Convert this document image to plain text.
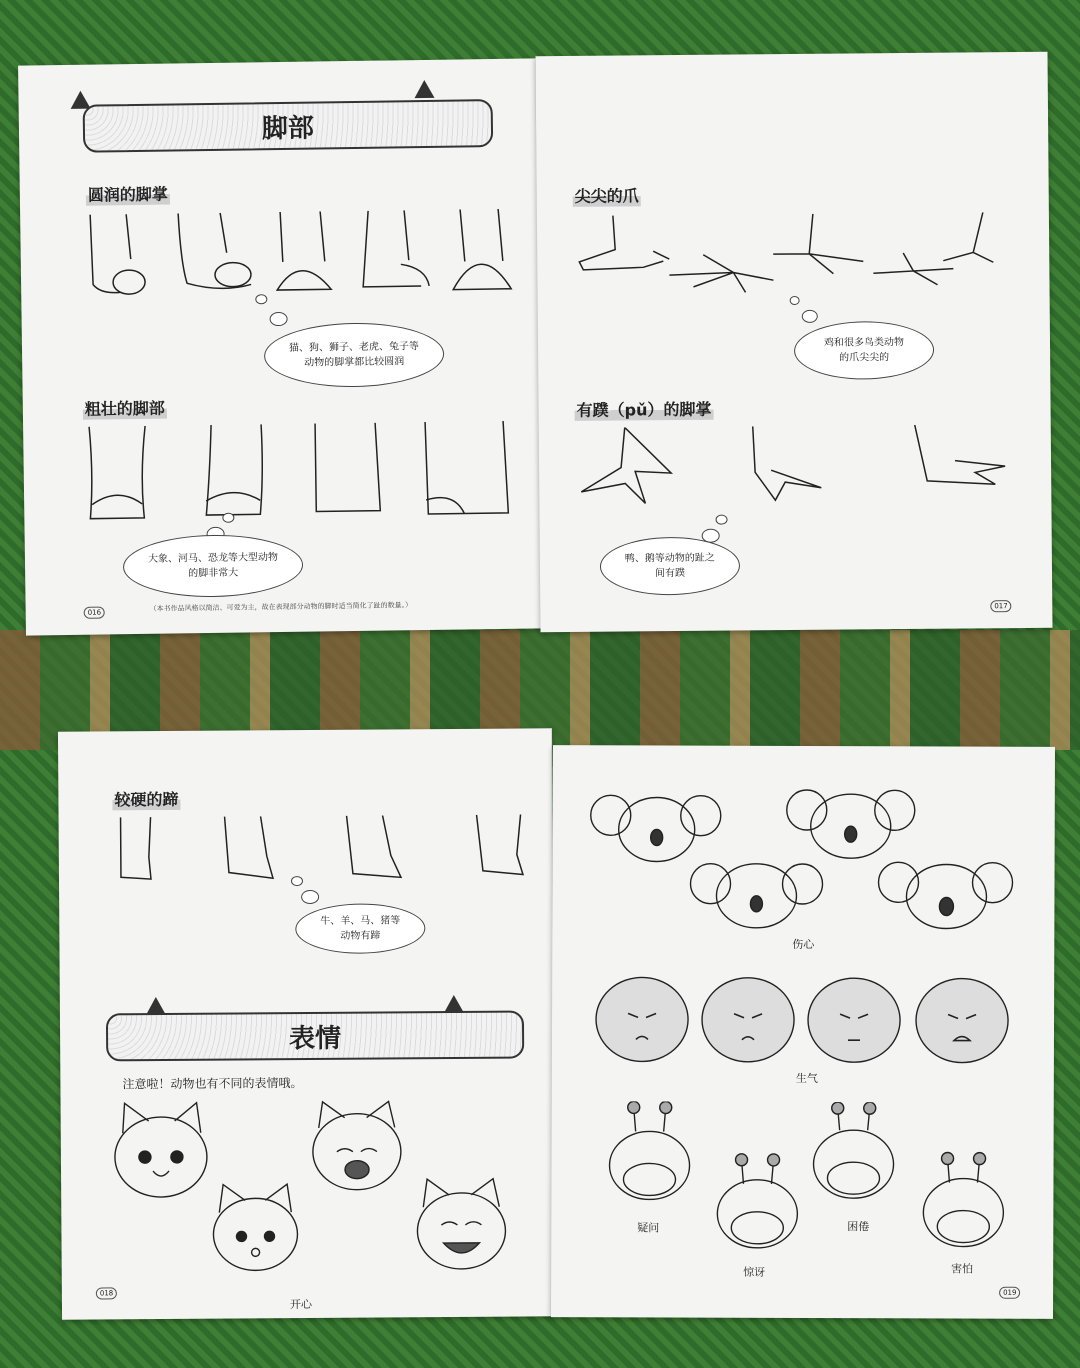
脚部
圆润的脚掌
猫、狗、狮子、老虎、兔子等
动物的脚掌都比较圆润
粗壮的脚部
大象、河马、恐龙等大型动物
的脚非常大
（本书作品风格以简洁、可爱为主，故在表现部分动物的脚时适当简化了趾的数量。）
016
尖尖的爪
鸡和很多鸟类动物
的爪尖尖的
有蹼（pǔ）的脚掌
鸭、鹅等动物的趾之
间有蹼
017
较硬的蹄
牛、羊、马、猪等
动物有蹄
表情
注意啦！动物也有不同的表情哦。
开心
018
伤心
生气
疑问
惊讶
困倦
害怕
019
